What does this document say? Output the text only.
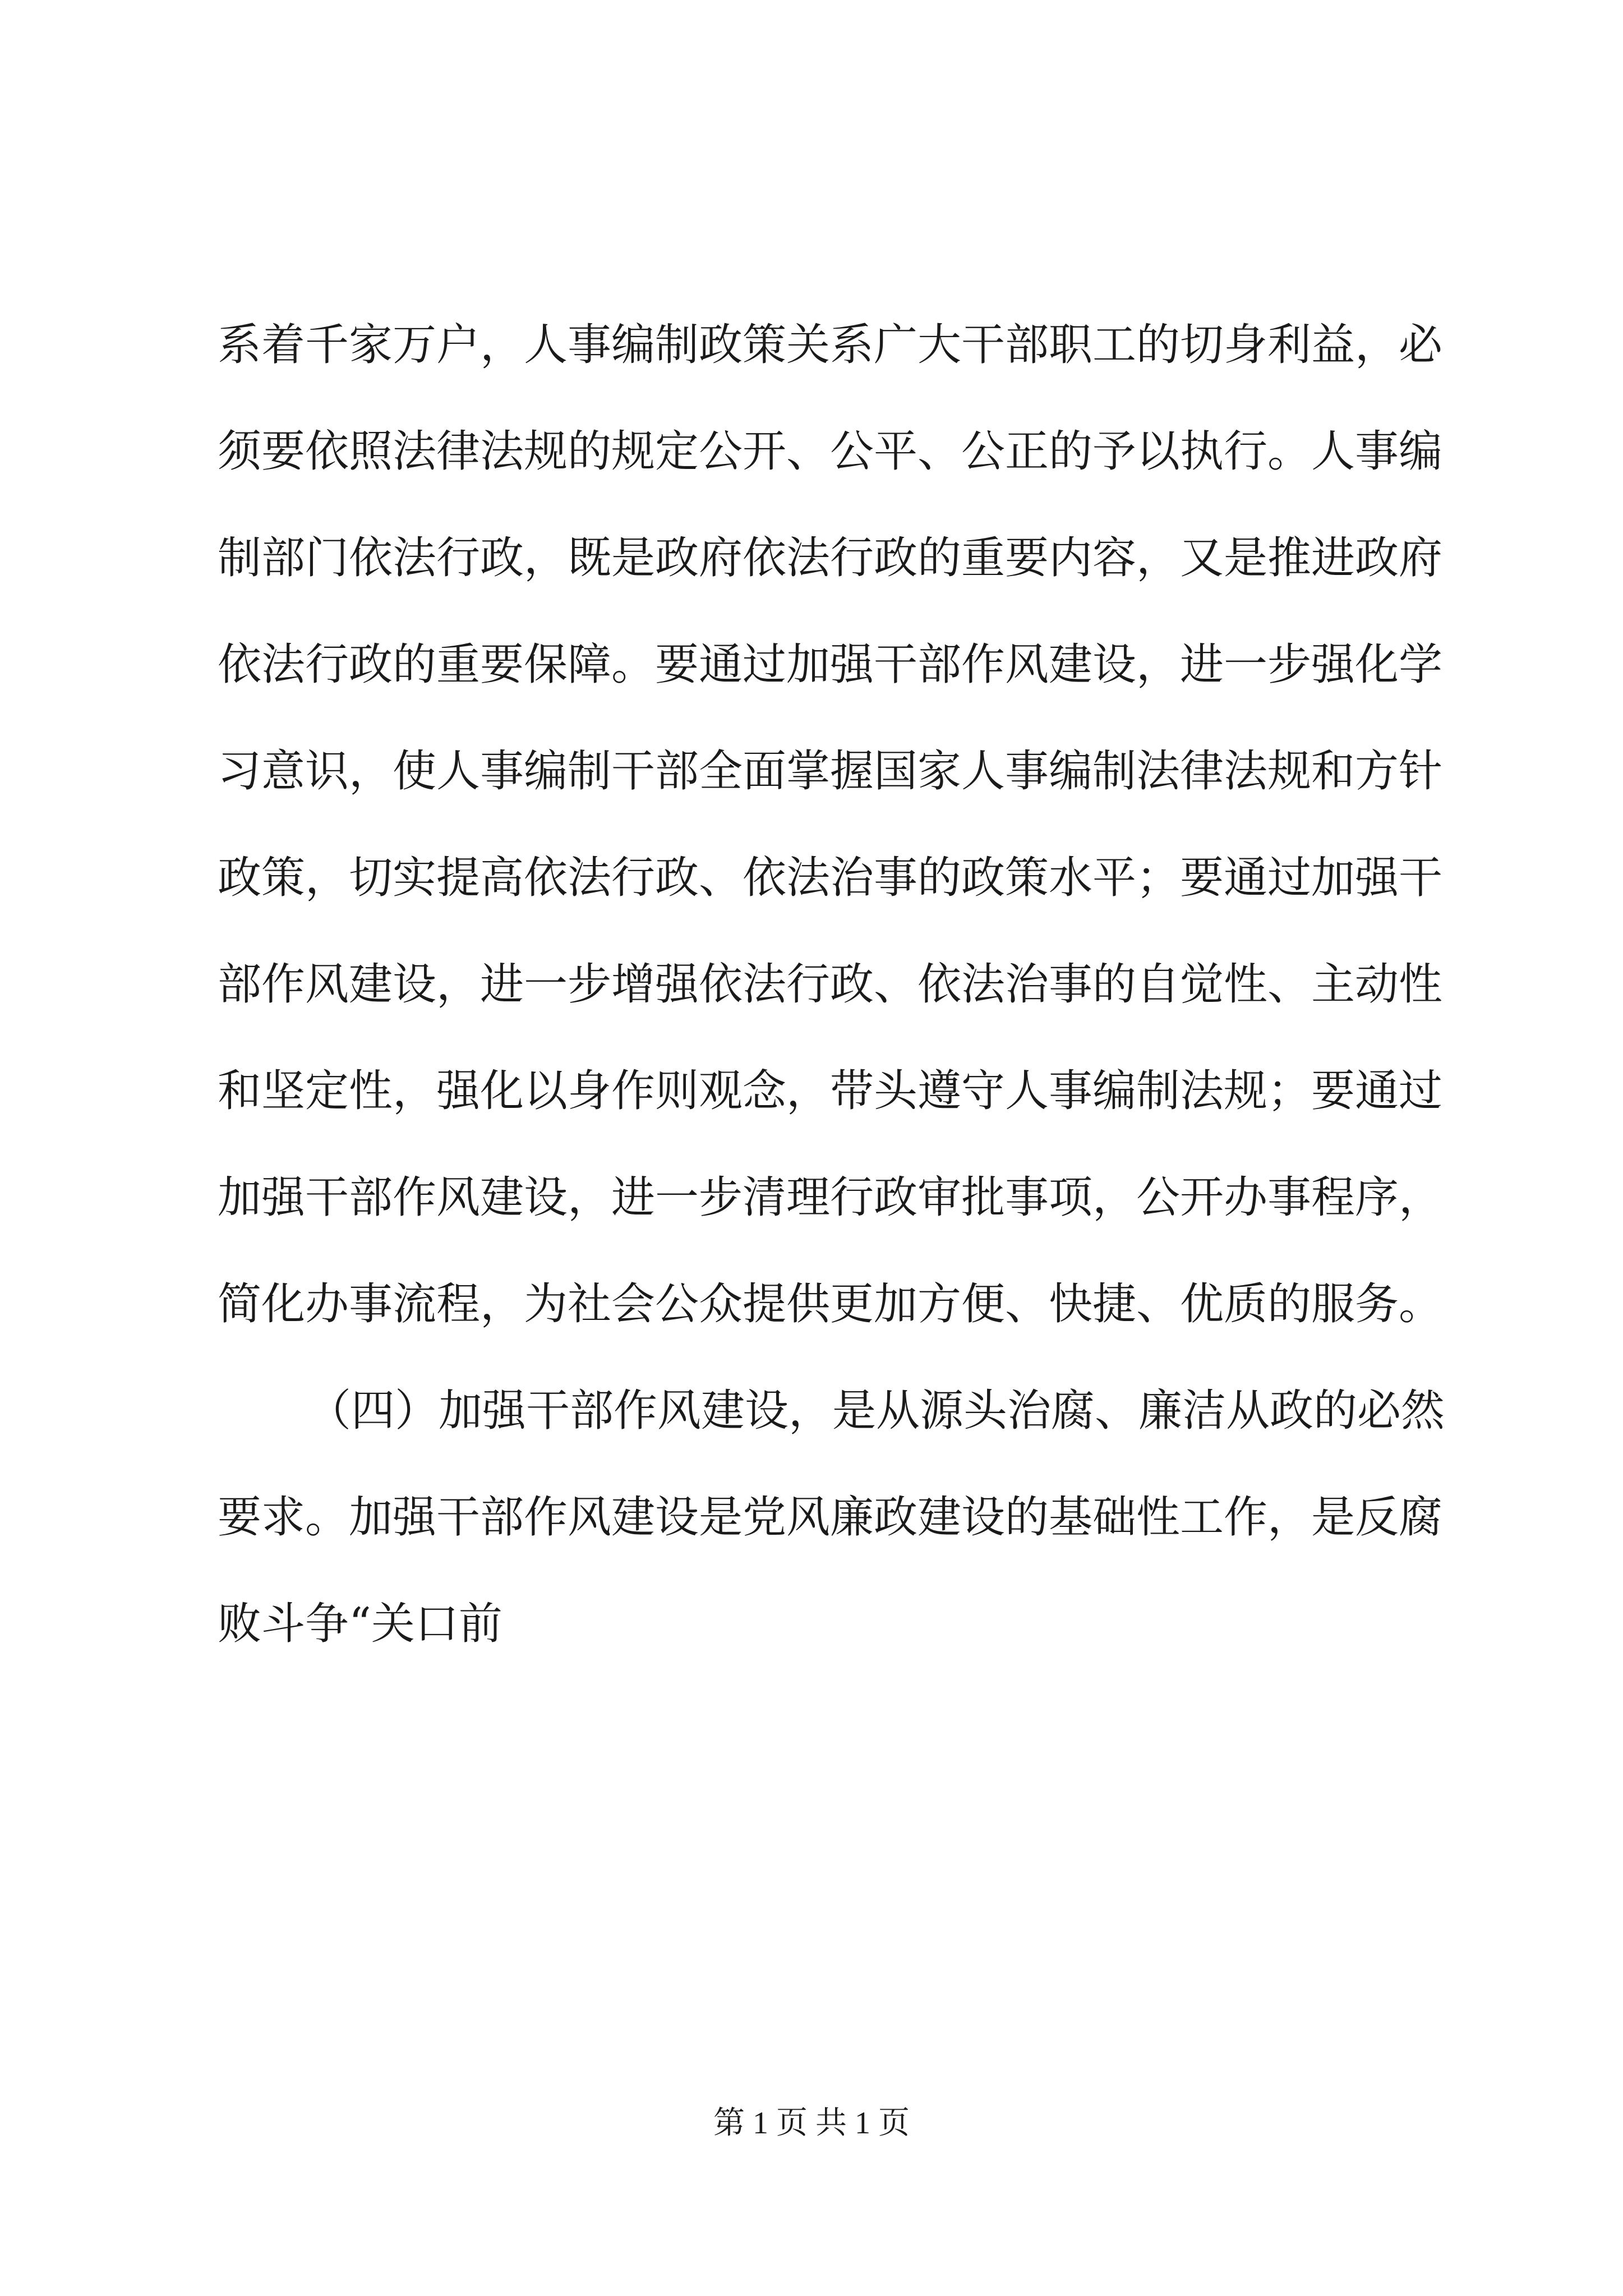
系着千家万户，人事编制政策关系广大干部职工的切身利益，必
须要依照法律法规的规定公开、公平、公正的予以执行。人事编
制部门依法行政，既是政府依法行政的重要内容，又是推进政府
依法行政的重要保障。要通过加强干部作风建设，进一步强化学
习意识，使人事编制干部全面掌握国家人事编制法律法规和方针
政策，切实提高依法行政、依法治事的政策水平；要通过加强干
部作风建设，进一步增强依法行政、依法治事的自觉性、主动性
和坚定性，强化以身作则观念，带头遵守人事编制法规；要通过
加强干部作风建设，进一步清理行政审批事项，公开办事程序，
简化办事流程，为社会公众提供更加方便、快捷、优质的服务。
（四）加强干部作风建设，是从源头治腐、廉洁从政的必然
要求。加强干部作风建设是党风廉政建设的基础性工作，是反腐
败斗争“关口前
第 1 页 共 1 页
